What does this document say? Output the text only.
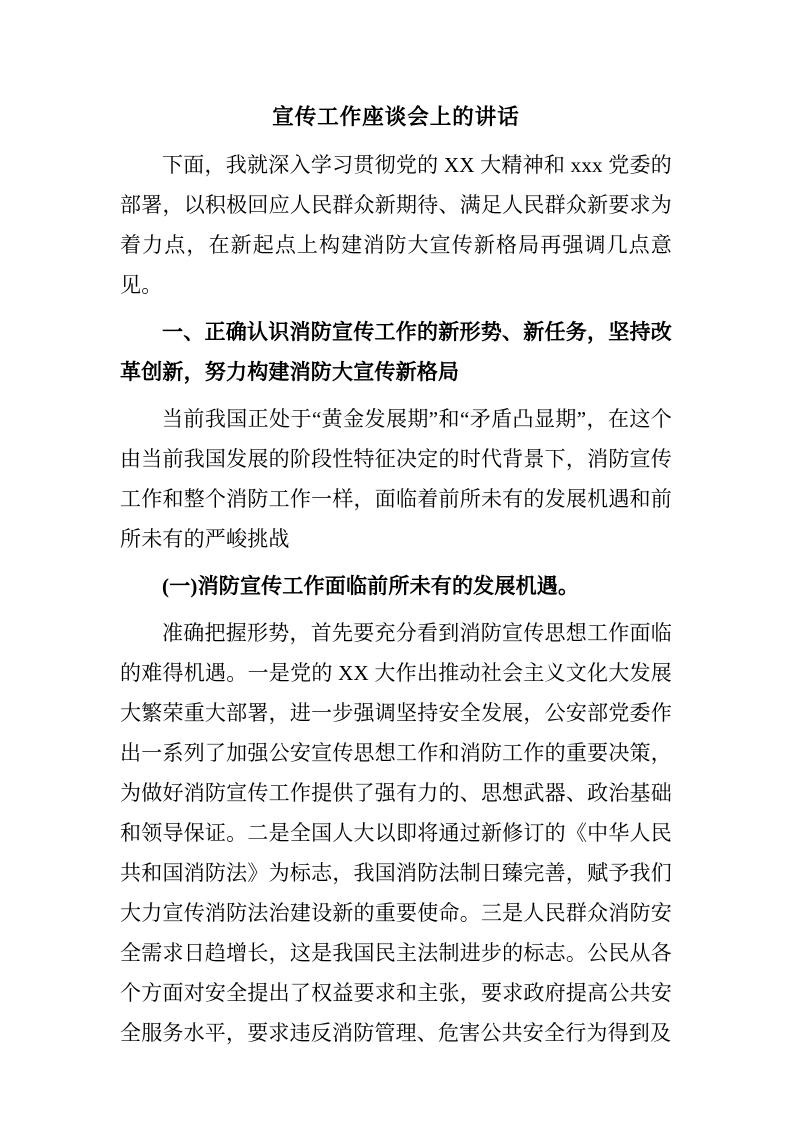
宣传工作座谈会上的讲话

下面，我就深入学习贯彻党的 XX 大精神和 xxx 党委的部署，以积极回应人民群众新期待、满足人民群众新要求为着力点，在新起点上构建消防大宣传新格局再强调几点意见。

一、正确认识消防宣传工作的新形势、新任务，坚持改革创新，努力构建消防大宣传新格局

当前我国正处于“黄金发展期”和“矛盾凸显期”，在这个由当前我国发展的阶段性特征决定的时代背景下，消防宣传工作和整个消防工作一样，面临着前所未有的发展机遇和前所未有的严峻挑战

(一)消防宣传工作面临前所未有的发展机遇。

准确把握形势，首先要充分看到消防宣传思想工作面临的难得机遇。一是党的 XX 大作出推动社会主义文化大发展大繁荣重大部署，进一步强调坚持安全发展，公安部党委作出一系列了加强公安宣传思想工作和消防工作的重要决策，为做好消防宣传工作提供了强有力的、思想武器、政治基础和领导保证。二是全国人大以即将通过新修订的《中华人民共和国消防法》为标志，我国消防法制日臻完善，赋予我们大力宣传消防法治建设新的重要使命。三是人民群众消防安全需求日趋增长，这是我国民主法制进步的标志。公民从各个方面对安全提出了权益要求和主张，要求政府提高公共安全服务水平，要求违反消防管理、危害公共安全行为得到及
